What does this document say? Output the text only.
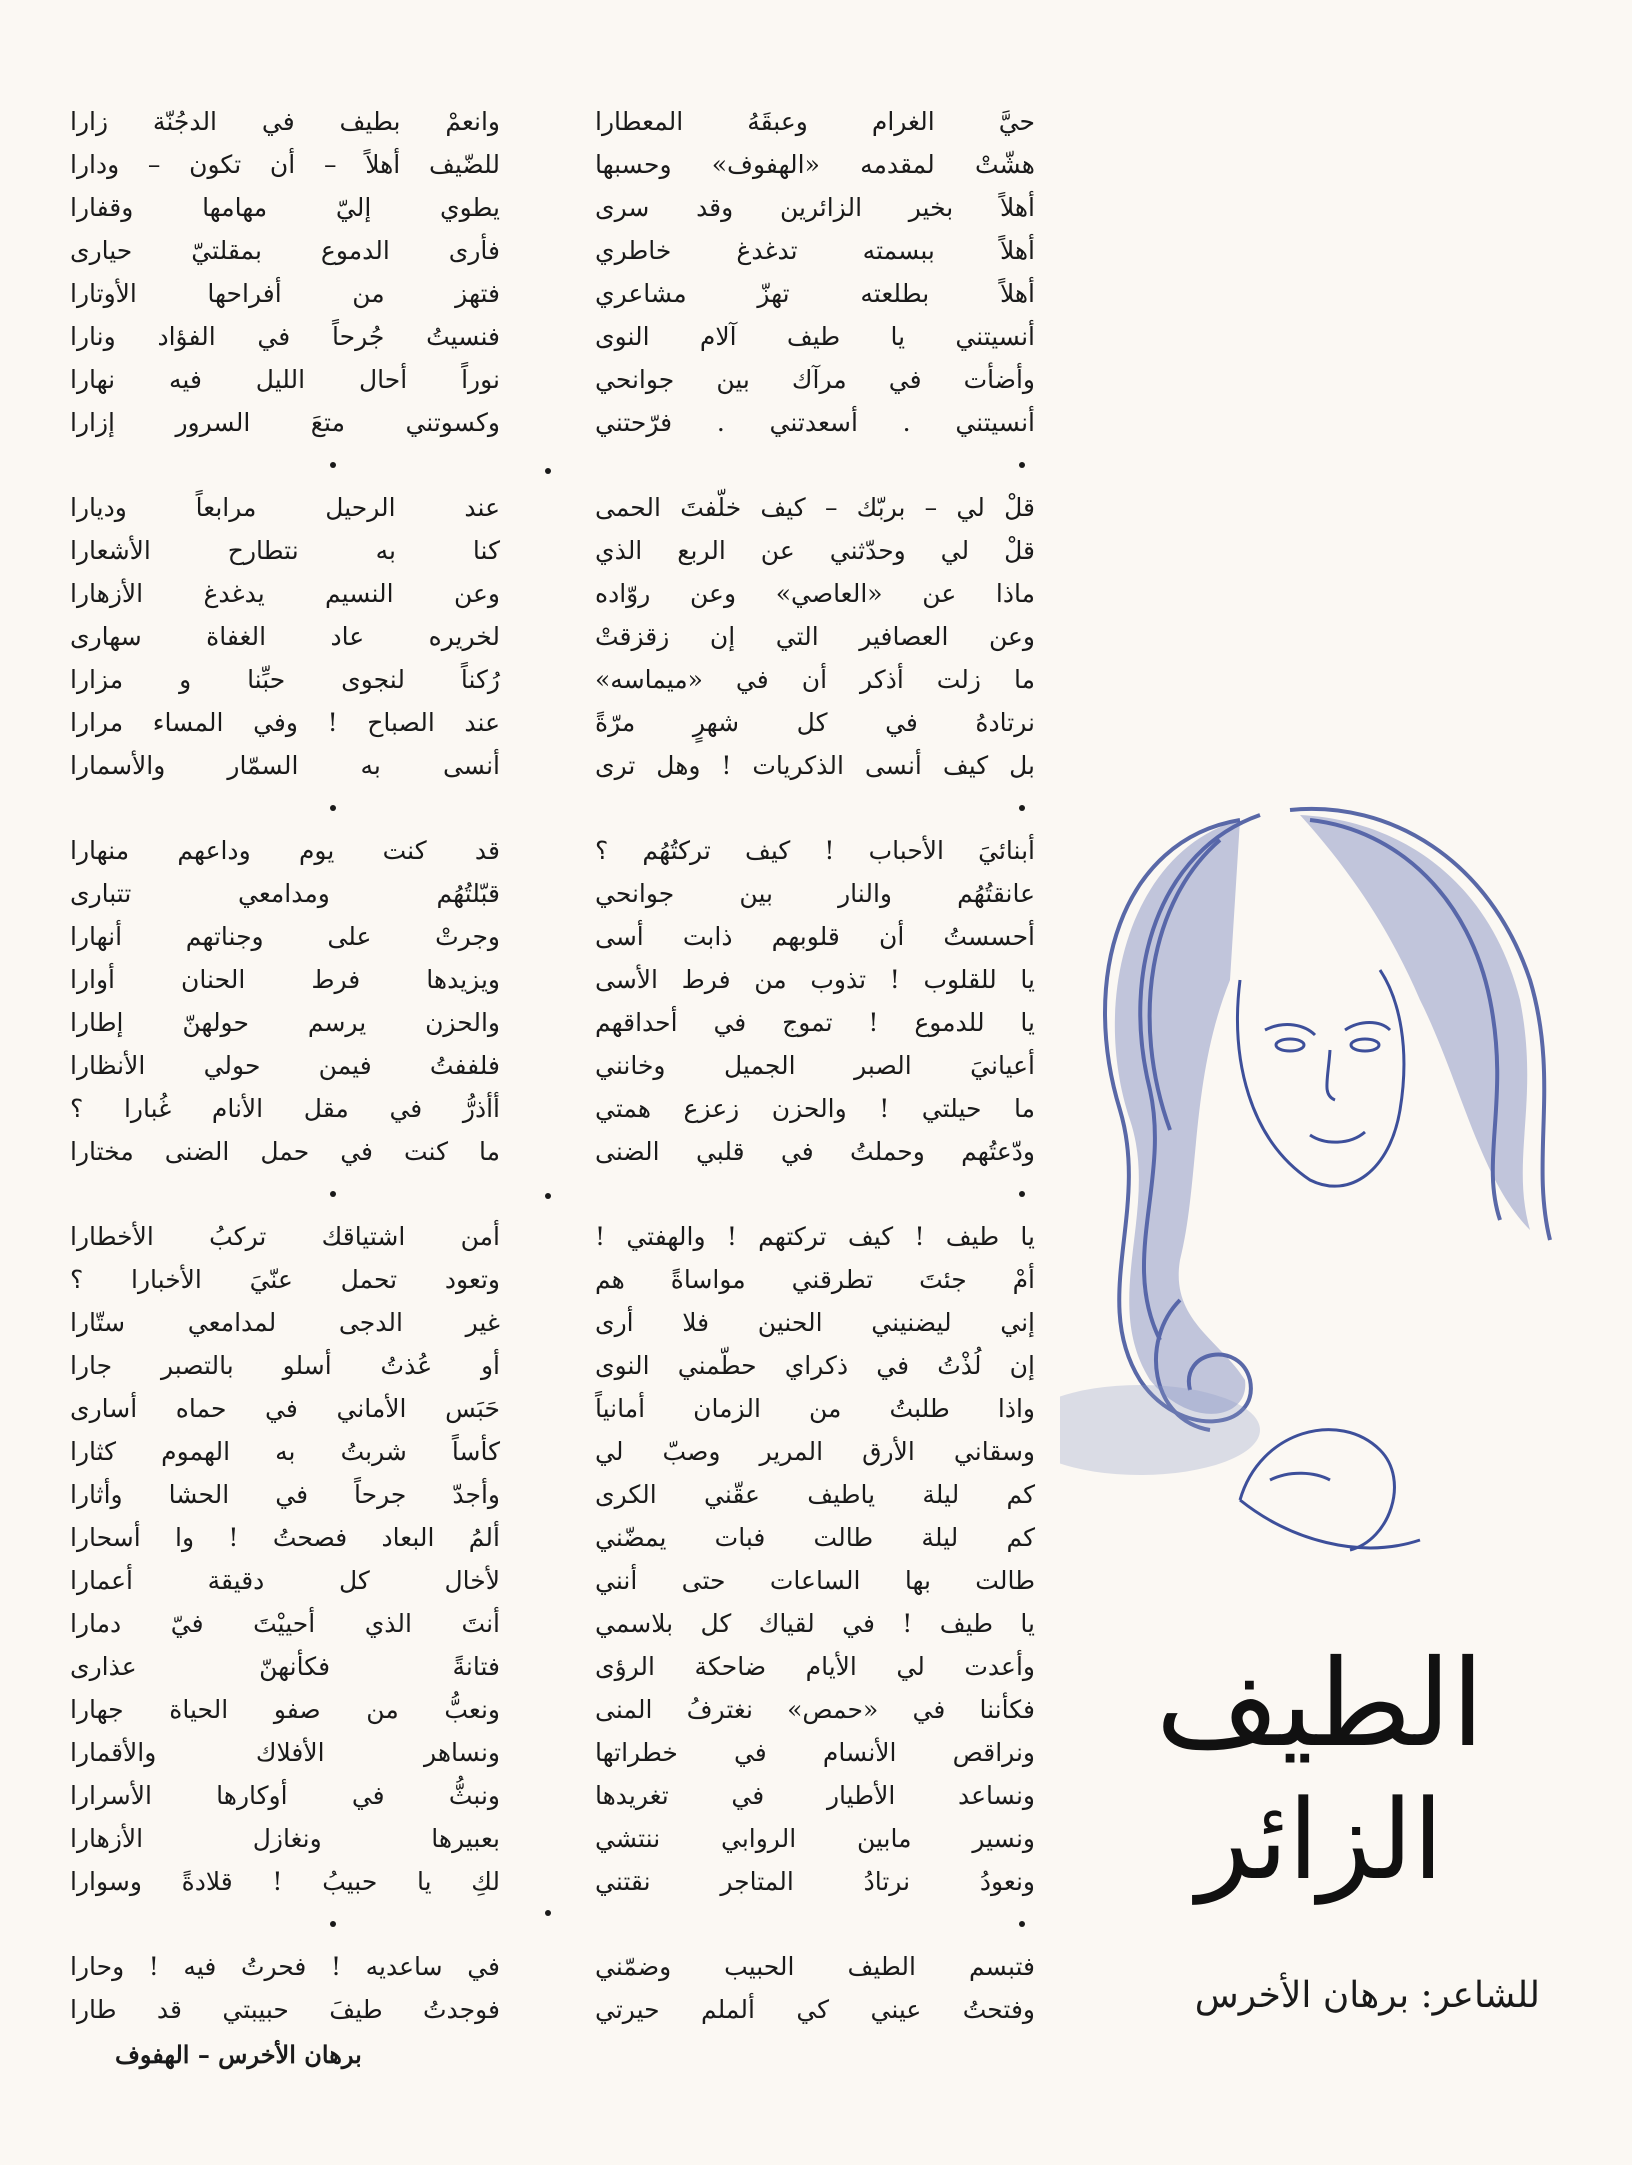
الطيف
الزائر
للشاعر: برهان الأخرس
حيَّ الغرام وعبقَهُ المعطارا
هشّتْ لمقدمه «الهفوف» وحسبها
أهلاً بخير الزائرين وقد سرى
أهلاً ببسمته تدغدغ خاطري
أهلاً بطلعته تهزّ مشاعري
أنسيتني يا طيف آلام النوى
وأضأت في مرآك بين جوانحي
أنسيتني . أسعدتني . فرّحتني
قلْ لي – بربّك – كيف خلّفتَ الحمى
قلْ لي وحدّثني عن الربع الذي
ماذا عن «العاصي» وعن روّاده
وعن العصافير التي إن زقزقتْ
ما زلت أذكر أن في «ميماسه»
نرتادهُ في كل شهرٍ مرّةً
بل كيف أنسى الذكريات ! وهل ترى
أبنائيَ الأحباب ! كيف تركتُهُم ؟
عانقتُهُم والنار بين جوانحي
أحسستُ أن قلوبهم ذابت أسى
يا للقلوب ! تذوب من فرط الأسى
يا للدموع ! تموج في أحداقهم
أعيانيَ الصبر الجميل وخانني
ما حيلتي ! والحزن زعزع همتي
ودّعتُهم وحملتُ في قلبي الضنى
يا طيف ! كيف تركتهم ! والهفتي !
أمْ جئتَ تطرقني مواساةً هم
إني ليضنيني الحنين فلا أرى
إن لُذْتُ في ذكراي حطّمني النوى
واذا طلبتُ من الزمان أمانياً
وسقاني الأرق المرير وصبّ لي
كم ليلة ياطيف عقّني الكرى
كم ليلة طالت فبات يمضّني
طالت بها الساعات حتى أنني
يا طيف ! في لقياك كل بلاسمي
وأعدت لي الأيام ضاحكة الرؤى
فكأننا في «حمص» نغترفُ المنى
ونراقص الأنسام في خطراتها
ونساعد الأطيار في تغريدها
ونسير مابين الروابي ننتشي
ونعودُ نرتادُ المتاجر نقتني
فتبسم الطيف الحبيب وضمّني
وفتحتُ عيني كي ألملم حيرتي
وانعمْ بطيف في الدجُنّة زارا
للضّيف أهلاً – أن تكون – ودارا
يطوي إليّ مهامها وقفارا
فأرى الدموع بمقلتيّ حيارى
فتهز من أفراحها الأوتارا
فنسيتُ جُرحاً في الفؤاد ونارا
نوراً أحال الليل فيه نهارا
وكسوتني متعَ السرور إزارا
عند الرحيل مرابعاً وديارا
كنا به نتطارح الأشعارا
وعن النسيم يدغدغ الأزهارا
لخريره عاد الغفاة سهارى
رُكناً لنجوى حبِّنا و مزارا
عند الصباح ! وفي المساء مرارا
أنسى به السمّار والأسمارا
قد كنت يوم وداعهم منهارا
قبّلتُهُم ومدامعي تتبارى
وجرتْ على وجناتهم أنهارا
ويزيدها فرط الحنان أوارا
والحزن يرسم حولهنّ إطارا
فلففتُ فيمن حولي الأنظارا
أأذرُّ في مقل الأنام غُبارا ؟
ما كنت في حمل الضنى مختارا
أمن اشتياقك تركبُ الأخطارا
وتعود تحمل عنّيَ الأخبارا ؟
غير الدجى لمدامعي ستّارا
أو عُذتُ أسلو بالتصبر جارا
حَبَس الأماني في حماه أسارى
كأساً شربتُ به الهموم كثارا
وأجدّ جرحاً في الحشا وأثارا
ألمُ البعاد فصحتُ ! وا أسحارا
لأخال كل دقيقة أعمارا
أنتَ الذي أحييْتَ فيّ دمارا
فتانةً فكأنهنّ عذارى
ونعبُّ من صفو الحياة جهارا
ونساهر الأفلاك والأقمارا
ونبثُّ في أوكارها الأسرارا
بعبيرها ونغازل الأزهارا
لكِ يا حبيبُ ! قلادةً وسوارا
في ساعديه ! فحرتُ فيه ! وحارا
فوجدتُ طيفَ حبيبتي قد طارا
برهان الأخرس – الهفوف
